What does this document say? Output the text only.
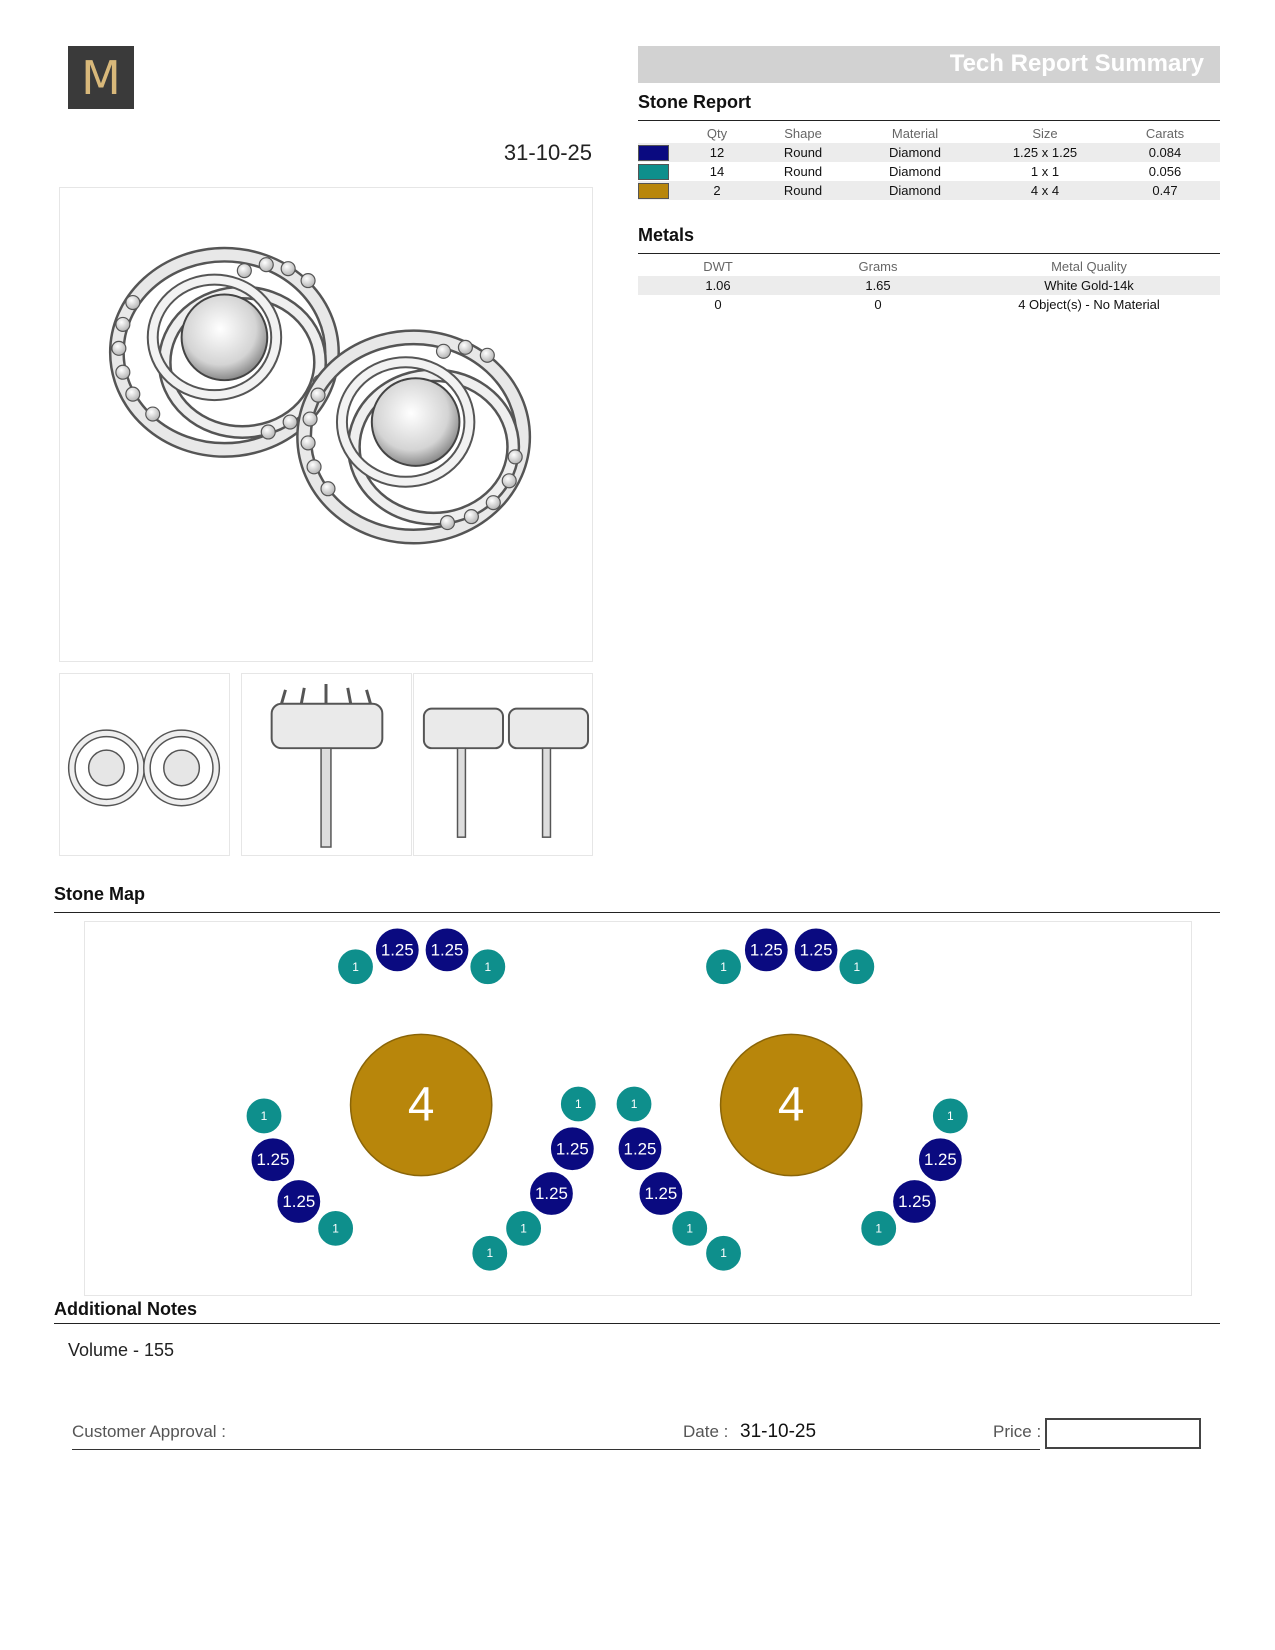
M
31-10-25
Tech Report Summary
Stone Report
	Qty	Shape	Material	Size	Carats
	12	Round	Diamond	1.25 x 1.25	0.084
	14	Round	Diamond	1 x 1	0.056
	2	Round	Diamond	4 x 4	0.47
Metals
DWT	Grams	Metal Quality
1.06	1.65	White Gold-14k
0	0	4 Object(s) - No Material
Stone Map
1
1.25 1.25
1	1
1.25 1.25
1
4	4
1
1.25
1.25
1
1
1.25
1.25
1
1
1
1.25
1.25
1
1
1
1.25
1.25
1
Additional Notes
Volume - 155
Customer Approval :	Date : 31-10-25	Price :
